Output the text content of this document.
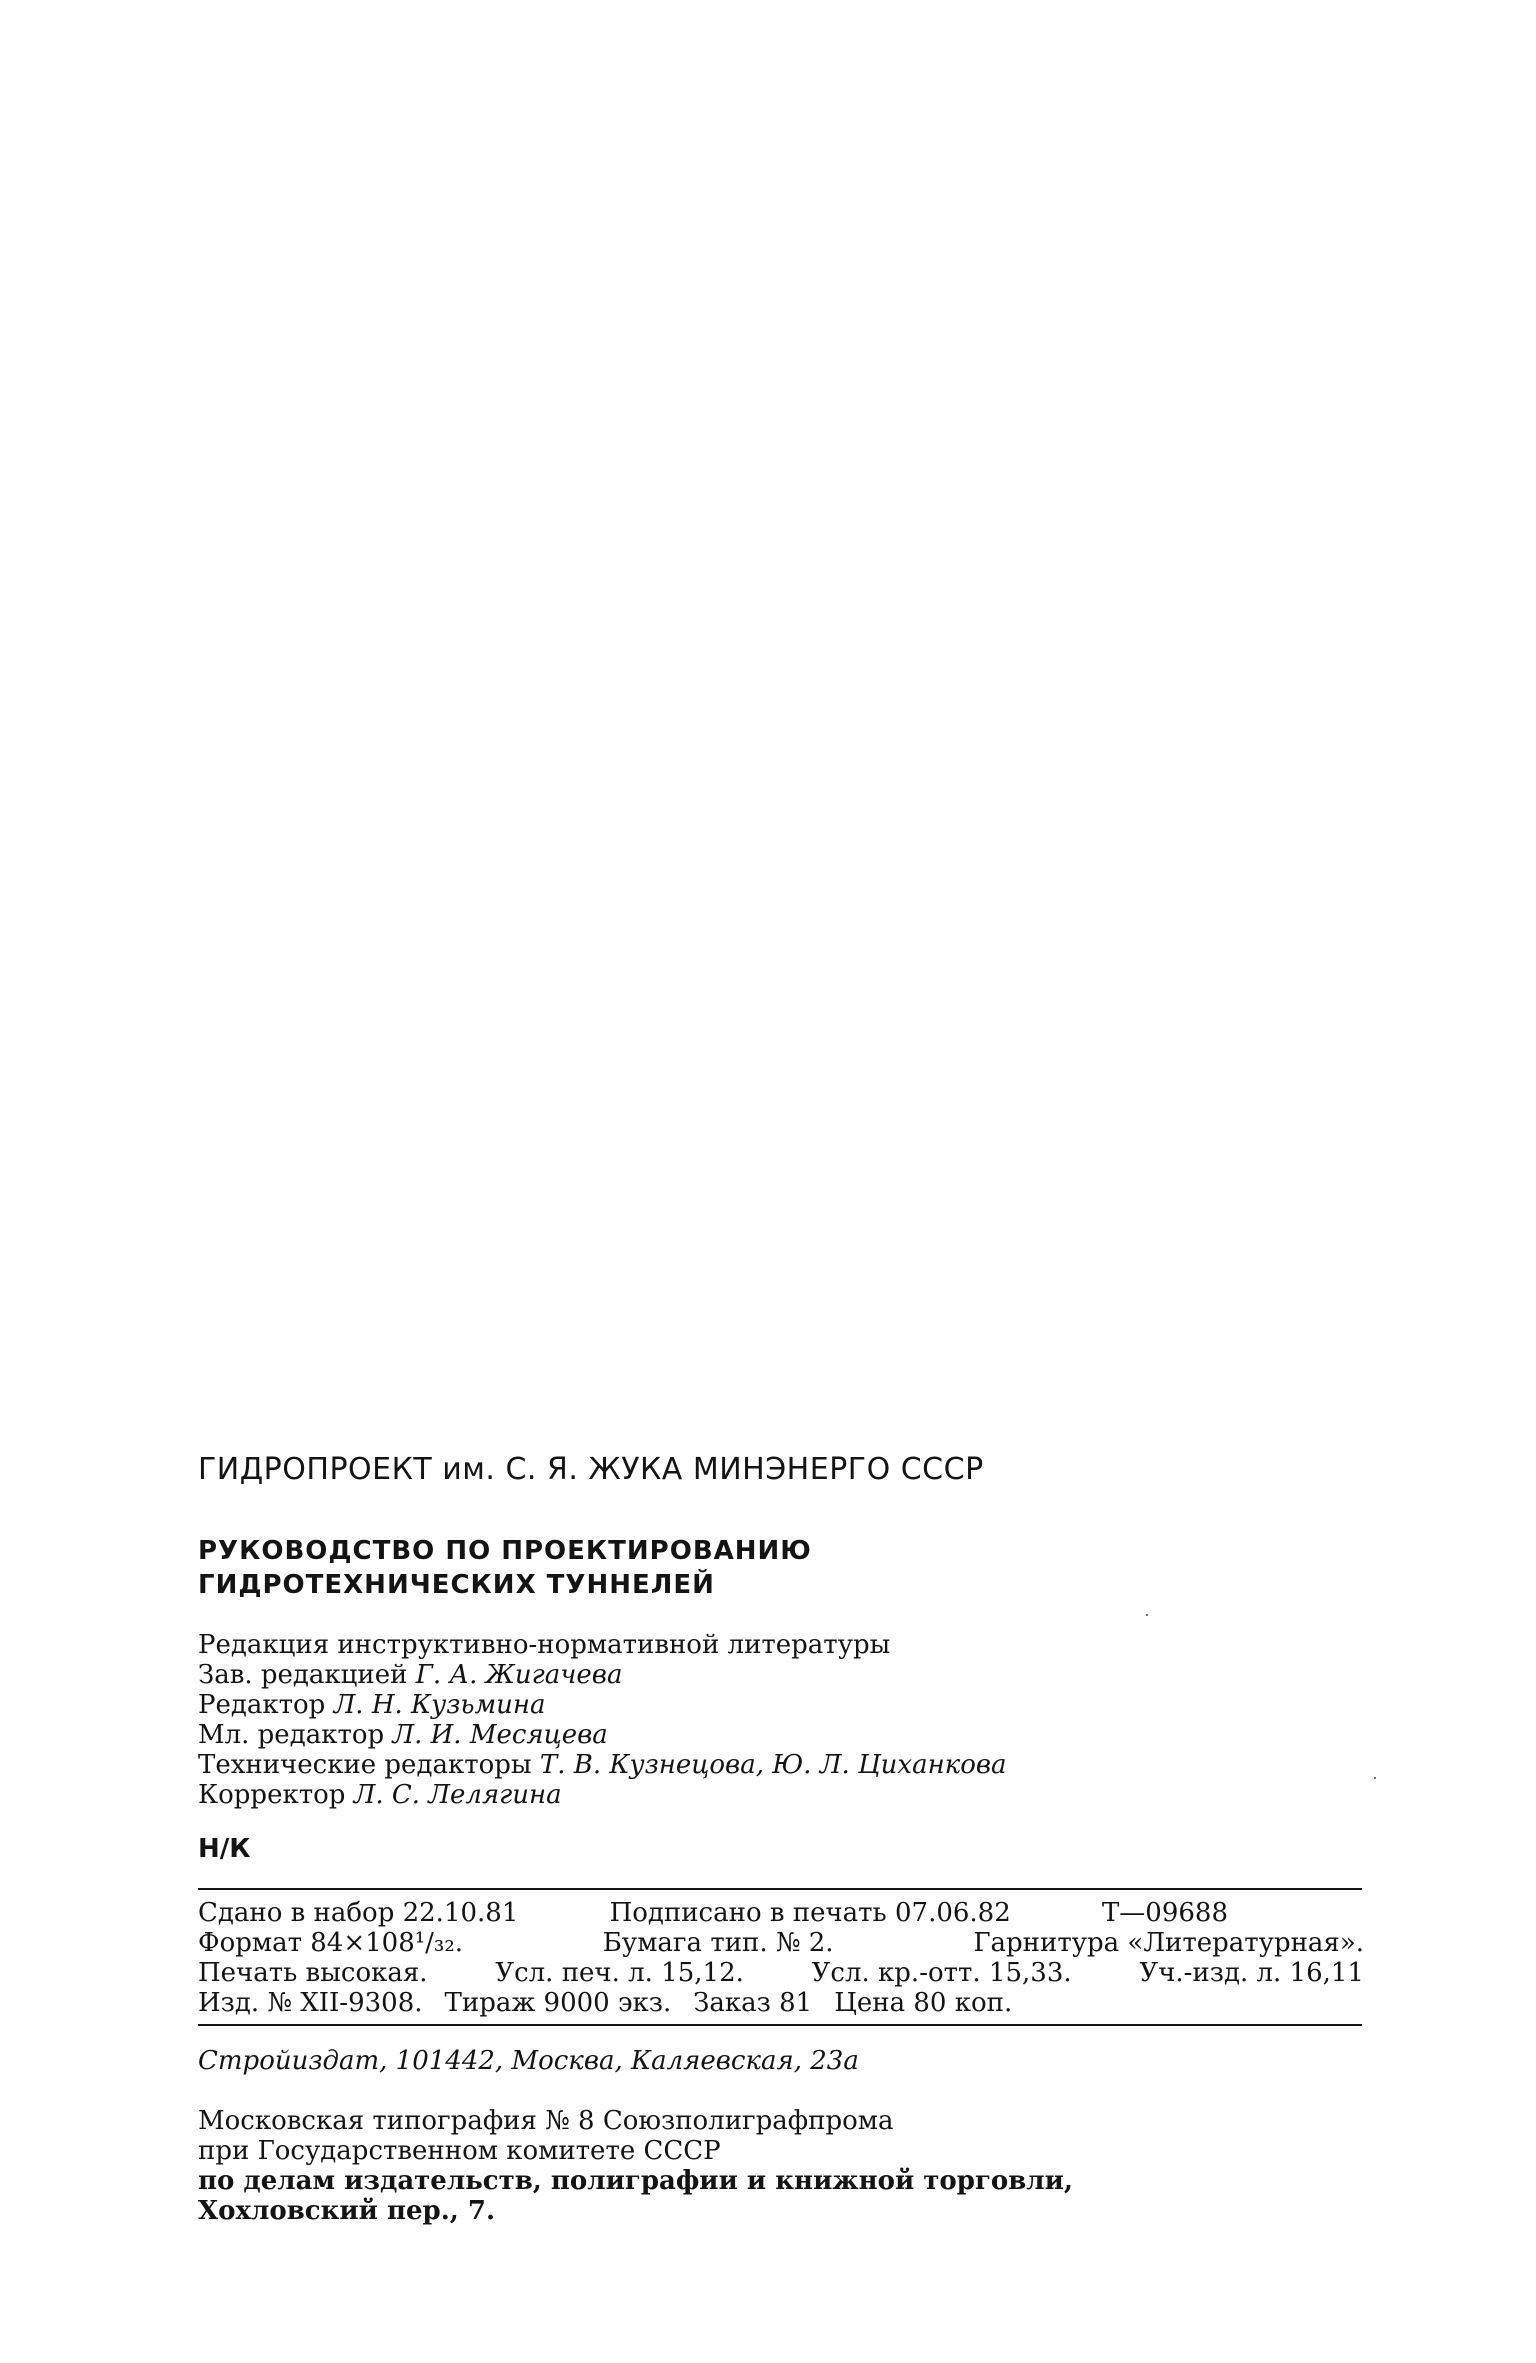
ГИДРОПРОЕКТ им. С. Я. ЖУКА МИНЭНЕРГО СССР
РУКОВОДСТВО ПО ПРОЕКТИРОВАНИЮ
ГИДРОТЕХНИЧЕСКИХ ТУННЕЛЕЙ
Редакция инструктивно-нормативной литературы
Зав. редакцией Г. А. Жигачева
Редактор Л. Н. Кузьмина
Мл. редактор Л. И. Месяцева
Технические редакторы Т. В. Кузнецова, Ю. Л. Циханкова
Корректор Л. С. Лелягина
Н/К
Сдано в набор 22.10.81	Подписано в печать 07.06.82	Т—09688
Формат 84×108¹/₃₂.	Бумага тип. № 2.	Гарнитура «Литературная».
Печать высокая.	Усл. печ. л. 15,12.	Усл. кр.-отт. 15,33.	Уч.-изд. л. 16,11
Изд. № XII-9308. Тираж 9000 экз. Заказ 81 Цена 80 коп.
Стройиздат, 101442, Москва, Каляевская, 23а
Московская типография № 8 Союзполиграфпрома
при Государственном комитете СССР
по делам издательств, полиграфии и книжной торговли,
Хохловский пер., 7.
